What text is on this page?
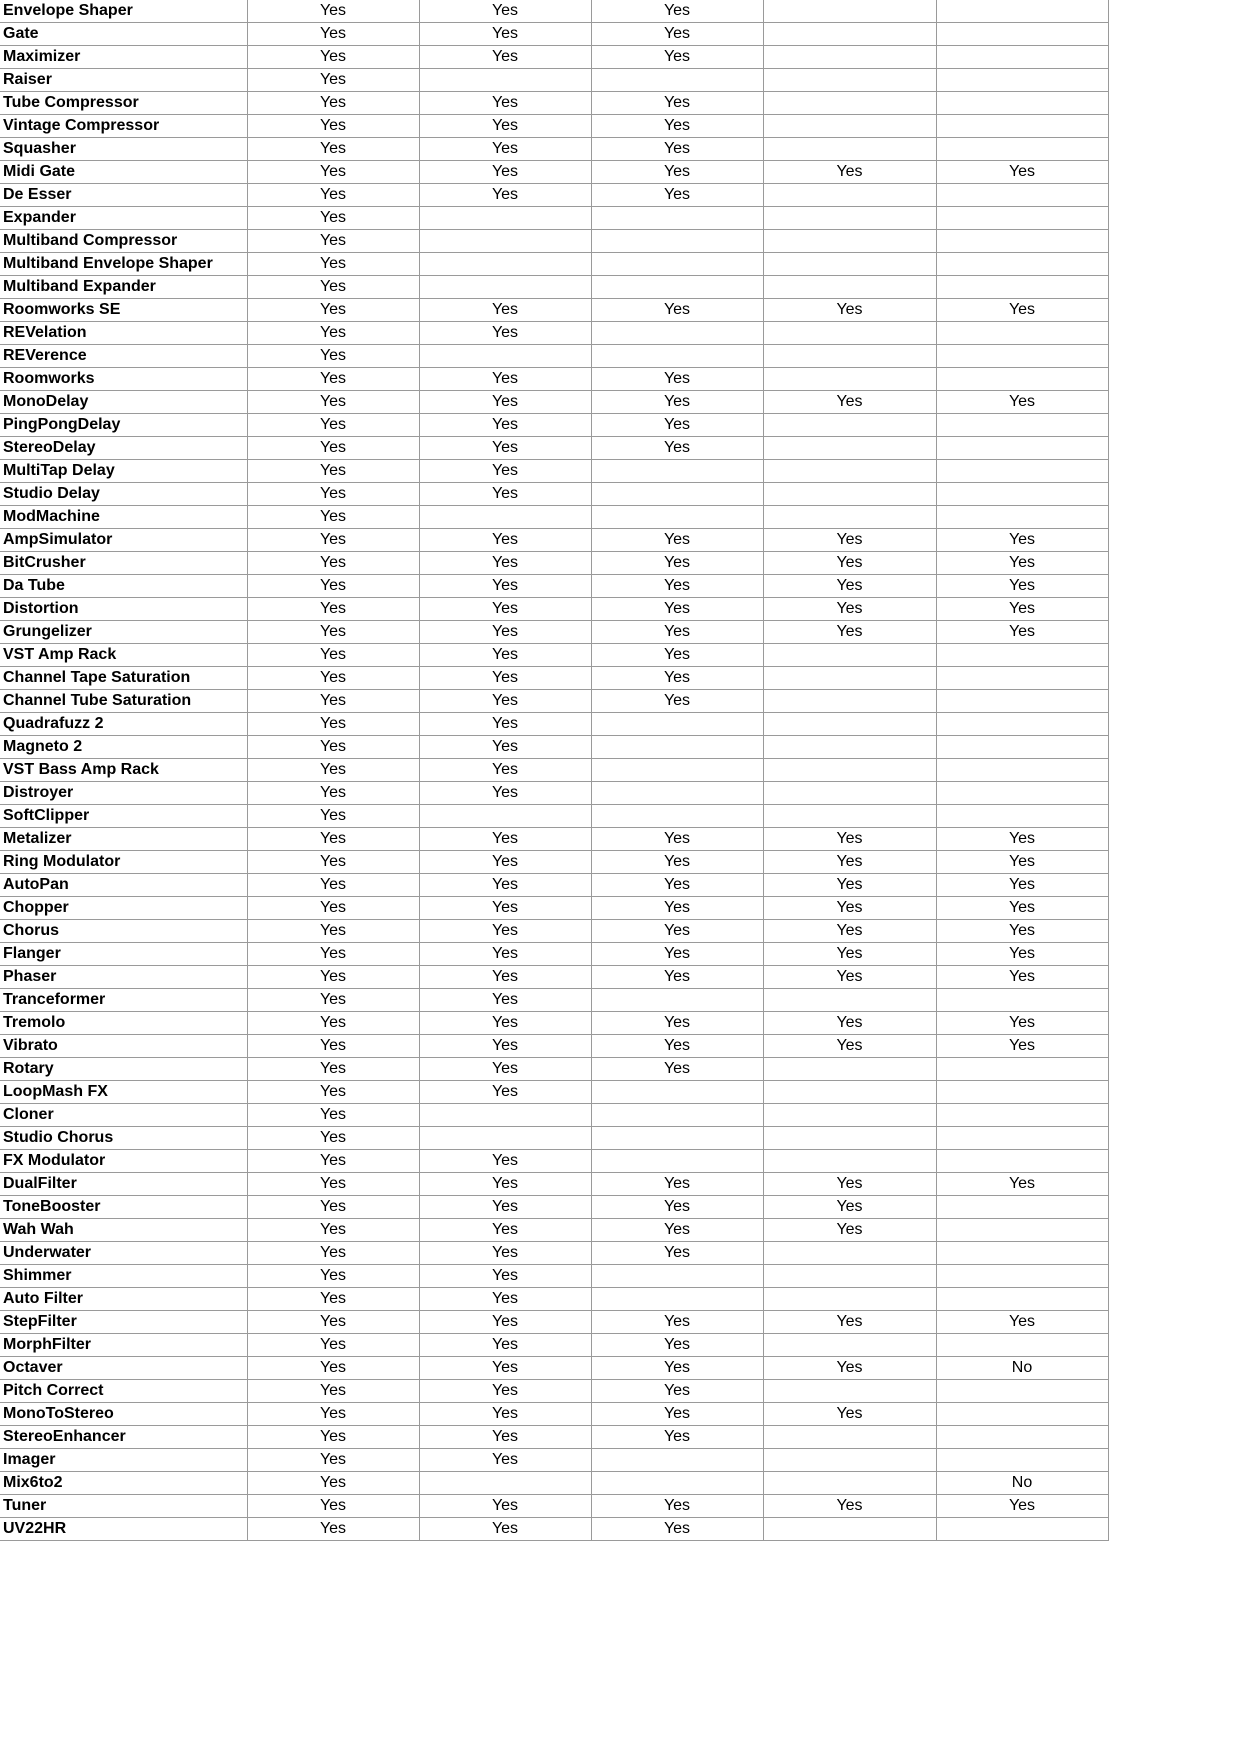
Envelope Shaper	Yes	Yes	Yes		
Gate	Yes	Yes	Yes		
Maximizer	Yes	Yes	Yes		
Raiser	Yes				
Tube Compressor	Yes	Yes	Yes		
Vintage Compressor	Yes	Yes	Yes		
Squasher	Yes	Yes	Yes		
Midi Gate	Yes	Yes	Yes	Yes	Yes
De Esser	Yes	Yes	Yes		
Expander	Yes				
Multiband Compressor	Yes				
Multiband Envelope Shaper	Yes				
Multiband Expander	Yes				
Roomworks SE	Yes	Yes	Yes	Yes	Yes
REVelation	Yes	Yes			
REVerence	Yes				
Roomworks	Yes	Yes	Yes		
MonoDelay	Yes	Yes	Yes	Yes	Yes
PingPongDelay	Yes	Yes	Yes		
StereoDelay	Yes	Yes	Yes		
MultiTap Delay	Yes	Yes			
Studio Delay	Yes	Yes			
ModMachine	Yes				
AmpSimulator	Yes	Yes	Yes	Yes	Yes
BitCrusher	Yes	Yes	Yes	Yes	Yes
Da Tube	Yes	Yes	Yes	Yes	Yes
Distortion	Yes	Yes	Yes	Yes	Yes
Grungelizer	Yes	Yes	Yes	Yes	Yes
VST Amp Rack	Yes	Yes	Yes		
Channel Tape Saturation	Yes	Yes	Yes		
Channel Tube Saturation	Yes	Yes	Yes		
Quadrafuzz 2	Yes	Yes			
Magneto 2	Yes	Yes			
VST Bass Amp Rack	Yes	Yes			
Distroyer	Yes	Yes			
SoftClipper	Yes				
Metalizer	Yes	Yes	Yes	Yes	Yes
Ring Modulator	Yes	Yes	Yes	Yes	Yes
AutoPan	Yes	Yes	Yes	Yes	Yes
Chopper	Yes	Yes	Yes	Yes	Yes
Chorus	Yes	Yes	Yes	Yes	Yes
Flanger	Yes	Yes	Yes	Yes	Yes
Phaser	Yes	Yes	Yes	Yes	Yes
Tranceformer	Yes	Yes			
Tremolo	Yes	Yes	Yes	Yes	Yes
Vibrato	Yes	Yes	Yes	Yes	Yes
Rotary	Yes	Yes	Yes		
LoopMash FX	Yes	Yes			
Cloner	Yes				
Studio Chorus	Yes				
FX Modulator	Yes	Yes			
DualFilter	Yes	Yes	Yes	Yes	Yes
ToneBooster	Yes	Yes	Yes	Yes	
Wah Wah	Yes	Yes	Yes	Yes	
Underwater	Yes	Yes	Yes		
Shimmer	Yes	Yes			
Auto Filter	Yes	Yes			
StepFilter	Yes	Yes	Yes	Yes	Yes
MorphFilter	Yes	Yes	Yes		
Octaver	Yes	Yes	Yes	Yes	No
Pitch Correct	Yes	Yes	Yes		
MonoToStereo	Yes	Yes	Yes	Yes	
StereoEnhancer	Yes	Yes	Yes		
Imager	Yes	Yes			
Mix6to2	Yes				No
Tuner	Yes	Yes	Yes	Yes	Yes
UV22HR	Yes	Yes	Yes		
